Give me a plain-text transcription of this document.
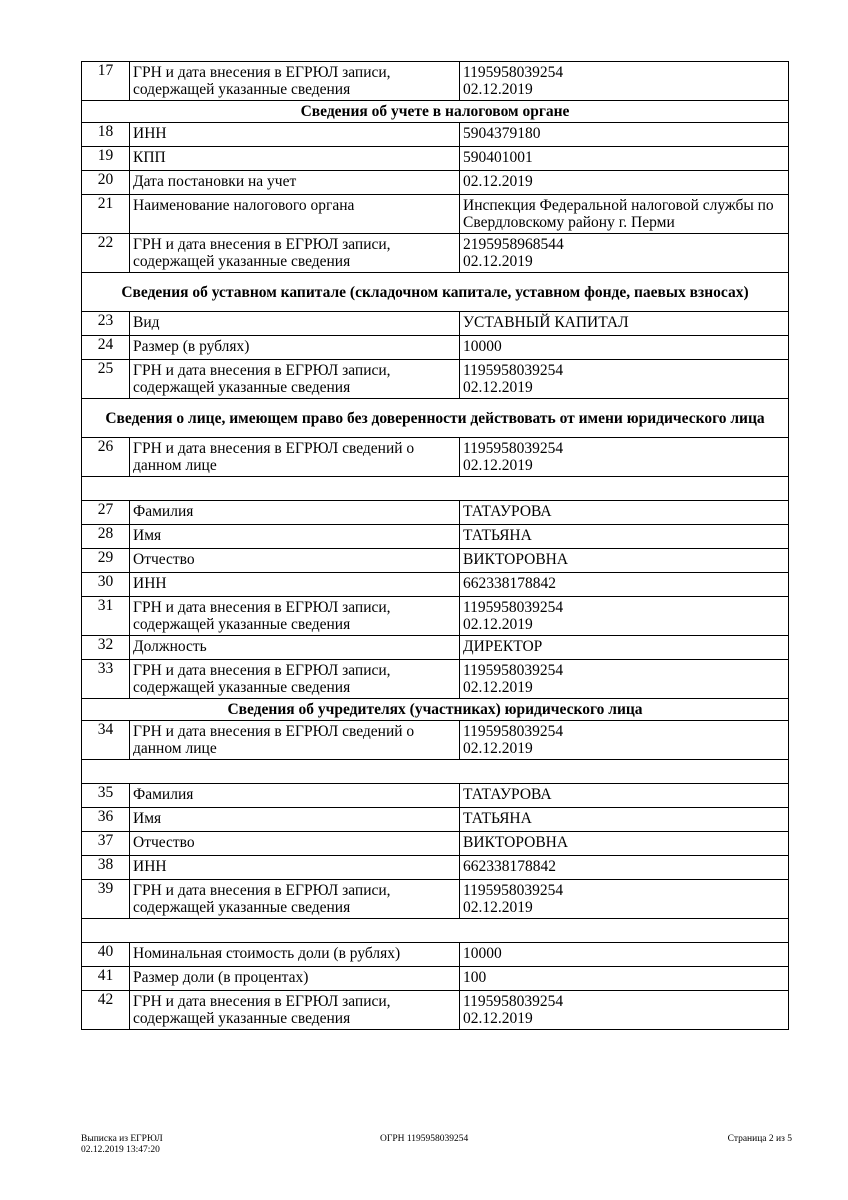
17	ГРН и дата внесения в ЕГРЮЛ записи, содержащей указанные сведения	1195958039254
02.12.2019
Сведения об учете в налоговом органе		
18	ИНН	5904379180
19	КПП	590401001
20	Дата постановки на учет	02.12.2019
21	Наименование налогового органа	Инспекция Федеральной налоговой службы по Свердловскому району г. Перми
22	ГРН и дата внесения в ЕГРЮЛ записи, содержащей указанные сведения	2195958968544
02.12.2019
Сведения об уставном капитале (складочном капитале, уставном фонде, паевых взносах)		
23	Вид	УСТАВНЫЙ КАПИТАЛ
24	Размер (в рублях)	10000
25	ГРН и дата внесения в ЕГРЮЛ записи, содержащей указанные сведения	1195958039254
02.12.2019
Сведения о лице, имеющем право без доверенности действовать от имени юридического лица		
26	ГРН и дата внесения в ЕГРЮЛ сведений о данном лице	1195958039254
02.12.2019

27	Фамилия	ТАТАУРОВА
28	Имя	ТАТЬЯНА
29	Отчество	ВИКТОРОВНА
30	ИНН	662338178842
31	ГРН и дата внесения в ЕГРЮЛ записи, содержащей указанные сведения	1195958039254
02.12.2019
32	Должность	ДИРЕКТОР
33	ГРН и дата внесения в ЕГРЮЛ записи, содержащей указанные сведения	1195958039254
02.12.2019
Сведения об учредителях (участниках) юридического лица		
34	ГРН и дата внесения в ЕГРЮЛ сведений о данном лице	1195958039254
02.12.2019

35	Фамилия	ТАТАУРОВА
36	Имя	ТАТЬЯНА
37	Отчество	ВИКТОРОВНА
38	ИНН	662338178842
39	ГРН и дата внесения в ЕГРЮЛ записи, содержащей указанные сведения	1195958039254
02.12.2019

40	Номинальная стоимость доли (в рублях)	10000
41	Размер доли (в процентах)	100
42	ГРН и дата внесения в ЕГРЮЛ записи, содержащей указанные сведения	1195958039254
02.12.2019
Выписка из ЕГРЮЛ
02.12.2019 13:47:20
ОГРН 1195958039254	Страница 2 из 5
